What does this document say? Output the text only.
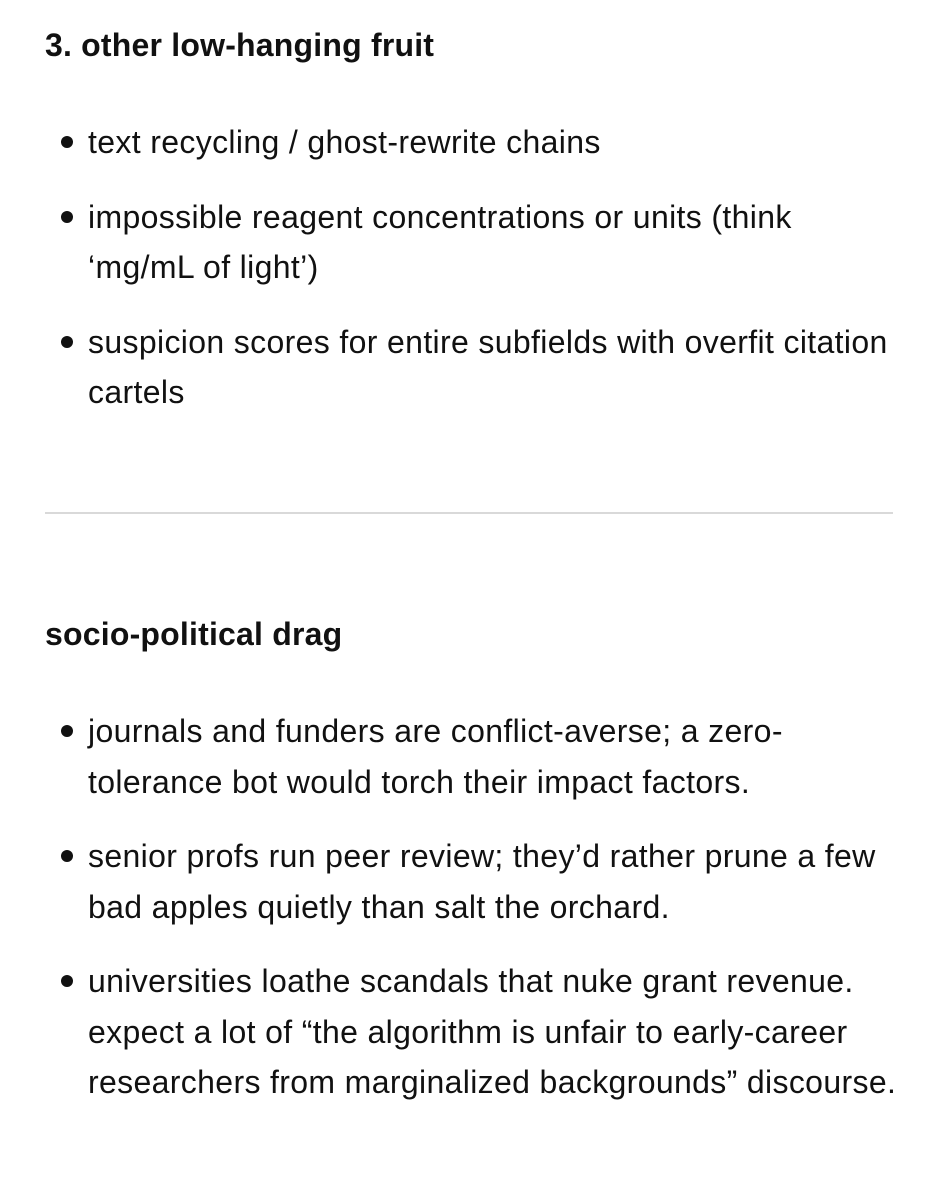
3. other low-hanging fruit
text recycling / ghost-rewrite chains
impossible reagent concentrations or units (think ‘mg/mL of light’)
suspicion scores for entire subfields with overfit citation cartels
socio-political drag
journals and funders are conflict-averse; a zero-tolerance bot would torch their impact factors.
senior profs run peer review; they’d rather prune a few bad apples quietly than salt the orchard.
universities loathe scandals that nuke grant revenue. expect a lot of “the algorithm is unfair to early-career researchers from marginalized backgrounds” discourse.
